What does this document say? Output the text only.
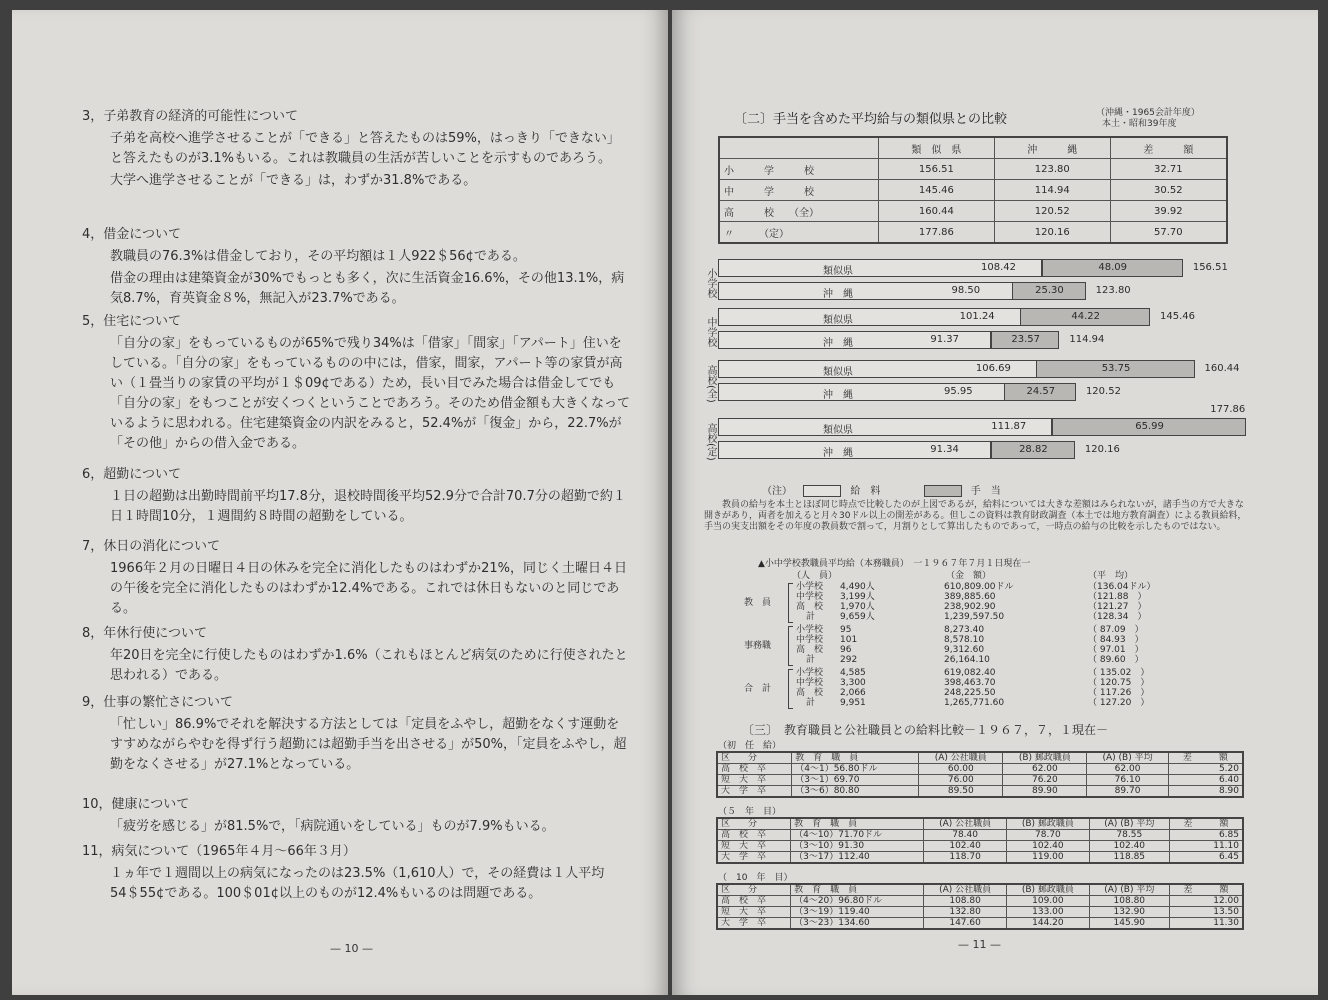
3，子弟教育の経済的可能性について
子弟を高校へ進学させることが「できる」と答えたものは59%，はっきり「できない」と答えたものが3.1%もいる。これは教職員の生活が苦しいことを示すものであろう。
大学へ進学させることが「できる」は，わずか31.8%である。
4，借金について
教職員の76.3%は借金しており，その平均額は１人922＄56¢である。
借金の理由は建築資金が30%でもっとも多く，次に生活資金16.6%，その他13.1%，病気8.7%，育英資金８%，無記入が23.7%である。
5，住宅について
「自分の家」をもっているものが65%で残り34%は「借家」「間家」「アパート」住いをしている。「自分の家」をもっているものの中には，借家，間家，アパート等の家賃が高い（１畳当りの家賃の平均が１＄09¢である）ため，長い目でみた場合は借金してでも「自分の家」をもつことが安くつくということであろう。そのため借金額も大きくなっているように思われる。住宅建築資金の内訳をみると，52.4%が「復金」から，22.7%が「その他」からの借入金である。
6，超勤について
１日の超勤は出勤時間前平均17.8分，退校時間後平均52.9分で合計70.7分の超勤で約１日１時間10分，１週間約８時間の超勤をしている。
7，休日の消化について
1966年２月の日曜日４日の休みを完全に消化したものはわずか21%，同じく土曜日４日の午後を完全に消化したものはわずか12.4%である。これでは休日もないのと同じである。
8，年休行使について
年20日を完全に行使したものはわずか1.6%（これもほとんど病気のために行使されたと思われる）である。
9，仕事の繁忙さについて
「忙しい」86.9%でそれを解決する方法としては「定員をふやし，超勤をなくす運動をすすめながらやむを得ず行う超勤には超勤手当を出させる」が50%，「定員をふやし，超勤をなくさせる」が27.1%となっている。
10，健康について
「疲労を感じる」が81.5%で，「病院通いをしている」ものが7.9%もいる。
11，病気について（1965年４月～66年３月）
１ヵ年で１週間以上の病気になったのは23.5%（1,610人）で，その経費は１人平均54＄55¢である。100＄01¢以上のものが12.4%もいるのは問題である。
— 10 —
〔二〕手当を含めた平均給与の類似県との比較	（沖縄・1965会計年度）
本土・昭和39年度
	類　似　県	沖　　　縄	差　　　額
小　　　学　　　校	156.51	123.80	32.71
中　　　学　　　校	145.46	114.94	30.52
高　　　校　　（全）	160.44	120.52	39.92
〃　　　（定）	177.86	120.16	57.70
小学校	類似県	108.42	48.09	156.51
沖　縄	98.50	25.30	123.80
中学校	類似県	101.24	44.22	145.46
沖　縄	91.37	23.57	114.94
高校(全)	類似県	106.69	53.75	160.44
沖　縄	95.95	24.57	120.52
高校(定)	類似県	111.87	65.99
177.86
沖　縄	91.34	28.82	120.16
（注）	給　料	手　当
教員の給与を本土とほぼ同じ時点で比較したのが上図であるが，給料については大きな差額はみられないが，諸手当の方で大きな開きがあり，両者を加えると月々30ドル以上の開差がある。但しこの資料は教育財政調査（本土では地方教育調査）による教員給料，手当の実支出額をその年度の教員数で割って，月割りとして算出したものであって，一時点の給与の比較を示したものではない。
▲小中学校教職員平均給（本務職員）　一１９６７年７月１日現在一
（人　員）	（金　額）	（平　均）
教　員
小学校 4,490人	610,809.00ドル	（136.04ドル）
中学校 3,199人	389,885.60	（121.88　）
高　校 1,970人	238,902.90	（121.27　）
計	9,659人	1,239,597.50	（128.34　）
事務職
小学校 95	8,273.40	（ 87.09　）
中学校 101	8,578.10	（ 84.93　）
高　校 96	9,312.60	（ 97.01　）
計	292	26,164.10	（ 89.60　）
合　計
小学校 4,585	619,082.40	（ 135.02　）
中学校 3,300	398,463.70	（ 120.75　）
高　校 2,066	248,225.50	（ 117.26　）
計	9,951	1,265,771.60	（ 127.20　）
〔三〕　教育職員と公社職員との給料比較－１９６７，７，１現在－
（初　任　給）
区　　分	教　育　職　員	(A) 公社職員	(B) 郵政職員	(A) (B) 平均	差　　　額
高　校　卒	（4～1）56.80ドル	60.00	62.00	62.00	5.20
短　大　卒	（3～1）69.70	76.00	76.20	76.10	6.40
大　学　卒	（3～6）80.80	89.50	89.90	89.70	8.90
（５　年　目）
区　　分	教　育　職　員	(A) 公社職員	(B) 郵政職員	(A) (B) 平均	差　　　額
高　校　卒	（4～10）71.70ドル	78.40	78.70	78.55	6.85
短　大　卒	（3～10）91.30	102.40	102.40	102.40	11.10
大　学　卒	（3～17）112.40	118.70	119.00	118.85	6.45
（　10　年　目）
区　　分	教　育　職　員	(A) 公社職員	(B) 郵政職員	(A) (B) 平均	差　　　額
高　校　卒	（4～20）96.80ドル	108.80	109.00	108.80	12.00
短　大　卒	（3～19）119.40	132.80	133.00	132.90	13.50
大　学　卒	（3～23）134.60	147.60	144.20	145.90	11.30
— 11 —
